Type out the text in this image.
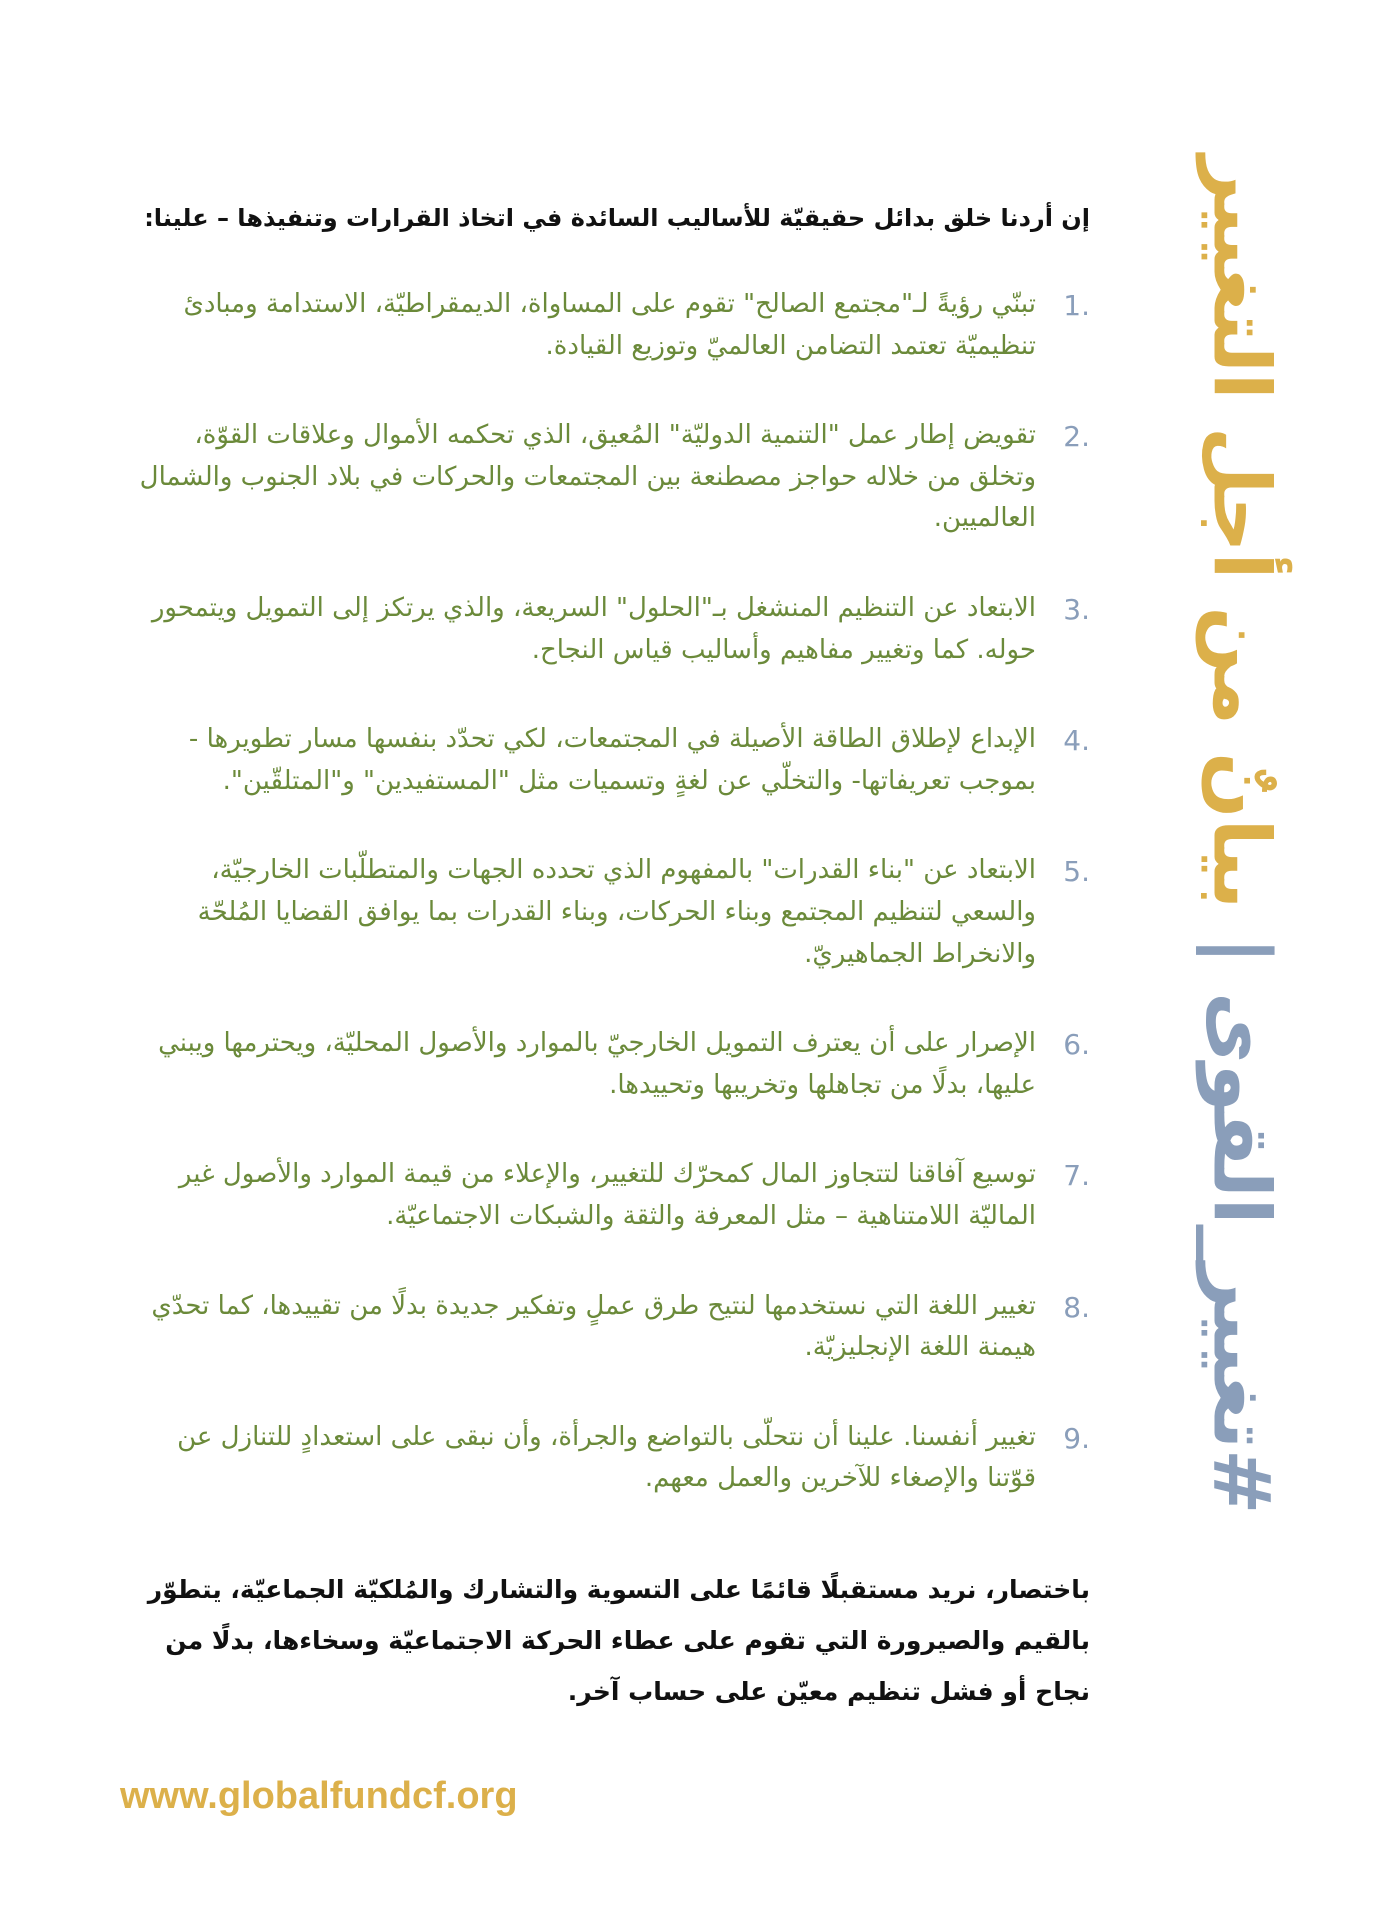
#تغيير_القوى | بيانٌ من أجل التغيير

إن أردنا خلق بدائل حقيقيّة للأساليب السائدة في اتخاذ القرارات وتنفيذها – علينا:

1.
تبنّي رؤيةً لـ"مجتمع الصالح" تقوم على المساواة، الديمقراطيّة، الاستدامة ومبادئ تنظيميّة تعتمد التضامن العالميّ وتوزيع القيادة.
2.
تقويض إطار عمل "التنمية الدوليّة" المُعيق، الذي تحكمه الأموال وعلاقات القوّة، وتخلق من خلاله حواجز مصطنعة بين المجتمعات والحركات في بلاد الجنوب والشمال العالميين.
3.
الابتعاد عن التنظيم المنشغل بـ"الحلول" السريعة، والذي يرتكز إلى التمويل ويتمحور حوله. كما وتغيير مفاهيم وأساليب قياس النجاح.
4.
الإبداع لإطلاق الطاقة الأصيلة في المجتمعات، لكي تحدّد بنفسها مسار تطويرها - بموجب تعريفاتها- والتخلّي عن لغةٍ وتسميات مثل "المستفيدين" و"المتلقّين".
5.
الابتعاد عن "بناء القدرات" بالمفهوم الذي تحدده الجهات والمتطلّبات الخارجيّة، والسعي لتنظيم المجتمع وبناء الحركات، وبناء القدرات بما يوافق القضايا المُلحّة والانخراط الجماهيريّ.
6.
الإصرار على أن يعترف التمويل الخارجيّ بالموارد والأصول المحليّة، ويحترمها ويبني عليها، بدلًا من تجاهلها وتخريبها وتحييدها.
7.
توسيع آفاقنا لتتجاوز المال كمحرّك للتغيير، والإعلاء من قيمة الموارد والأصول غير الماليّة اللامتناهية – مثل المعرفة والثقة والشبكات الاجتماعيّة.
8.
تغيير اللغة التي نستخدمها لنتيح طرق عملٍ وتفكير جديدة بدلًا من تقييدها، كما تحدّي هيمنة اللغة الإنجليزيّة.
9.
تغيير أنفسنا. علينا أن نتحلّى بالتواضع والجرأة، وأن نبقى على استعدادٍ للتنازل عن قوّتنا والإصغاء للآخرين والعمل معهم.

باختصار، نريد مستقبلًا قائمًا على التسوية والتشارك والمُلكيّة الجماعيّة، يتطوّر بالقيم والصيرورة التي تقوم على عطاء الحركة الاجتماعيّة وسخاءها، بدلًا من نجاح أو فشل تنظيم معيّن على حساب آخر.

www.globalfundcf.org
